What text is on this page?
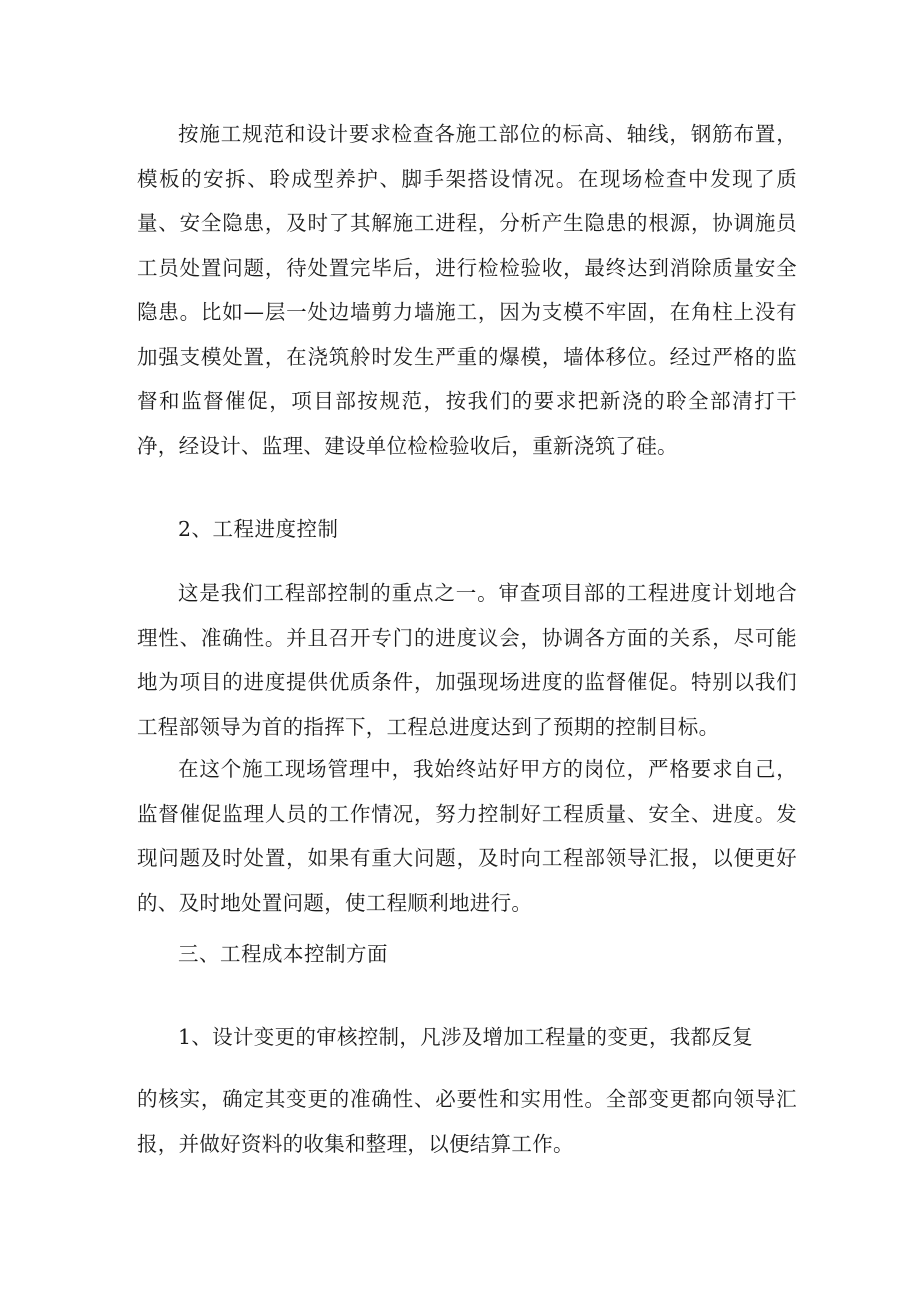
按施工规范和设计要求检查各施工部位的标高、轴线，钢筋布置，模板的安拆、聆成型养护、脚手架搭设情况。在现场检查中发现了质量、安全隐患，及时了其解施工进程，分析产生隐患的根源，协调施员工员处置问题，待处置完毕后，进行检检验收，最终达到消除质量安全隐患。比如—层一处边墙剪力墙施工，因为支模不牢固，在角柱上没有加强支模处置，在浇筑舲时发生严重的爆模，墙体移位。经过严格的监督和监督催促，项目部按规范，按我们的要求把新浇的聆全部清打干净，经设计、监理、建设单位检检验收后，重新浇筑了硅。

2、工程进度控制

这是我们工程部控制的重点之一。审查项目部的工程进度计划地合理性、准确性。并且召开专门的进度议会，协调各方面的关系，尽可能地为项目的进度提供优质条件，加强现场进度的监督催促。特别以我们工程部领导为首的指挥下，工程总进度达到了预期的控制目标。

在这个施工现场管理中，我始终站好甲方的岗位，严格要求自己，监督催促监理人员的工作情况，努力控制好工程质量、安全、进度。发现问题及时处置，如果有重大问题，及时向工程部领导汇报，以便更好的、及时地处置问题，使工程顺利地进行。

三、工程成本控制方面

1、设计变更的审核控制，凡涉及增加工程量的变更，我都反复

的核实，确定其变更的准确性、必要性和实用性。全部变更都向领导汇报，并做好资料的收集和整理，以便结算工作。
